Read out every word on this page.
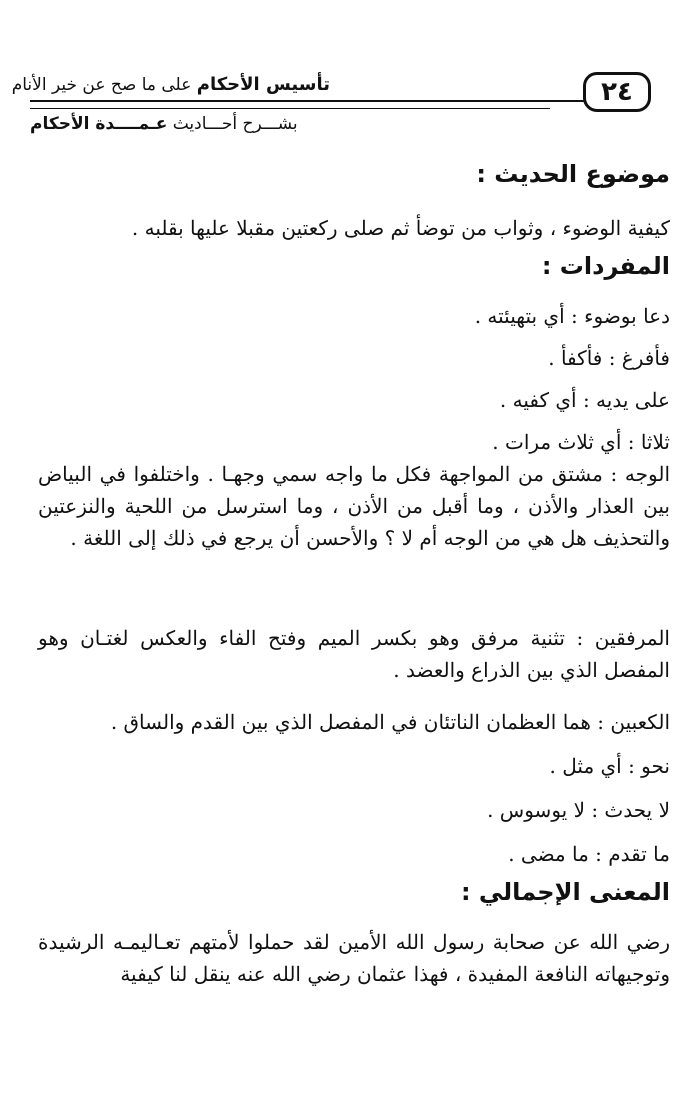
٢٤
تأسيس الأحكام على ما صح عن خير الأنام
بشـــرح أحـــاديث عـمــــدة الأحكام
موضوع الحديث :
كيفية الوضوء ، وثواب من توضأ ثم صلى ركعتين مقبلا عليها بقلبه .
المفردات :
دعا بوضوء : أي بتهيئته .
فأفرغ : فأكفأ .
على يديه : أي كفيه .
ثلاثا : أي ثلاث مرات .
الوجه : مشتق من المواجهة فكل ما واجه سمي وجهـا . واختلفوا في البياض بين العذار والأذن ، وما أقبل من الأذن ، وما استرسل من اللحية والنزعتين والتحذيف هل هي من الوجه أم لا ؟ والأحسن أن يرجع في ذلك إلى اللغة .
المرفقين : تثنية مرفق وهو بكسر الميم وفتح الفاء والعكس لغتـان وهو المفصل الذي بين الذراع والعضد .
الكعبين : هما العظمان الناتئان في المفصل الذي بين القدم والساق .
نحو : أي مثل .
لا يحدث : لا يوسوس .
ما تقدم : ما مضى .
المعنى الإجمالي :
رضي الله عن صحابة رسول الله الأمين لقد حملوا لأمتهم تعـاليمـه الرشيدة وتوجيهاته النافعة المفيدة ، فهذا عثمان رضي الله عنه ينقل لنا كيفية
